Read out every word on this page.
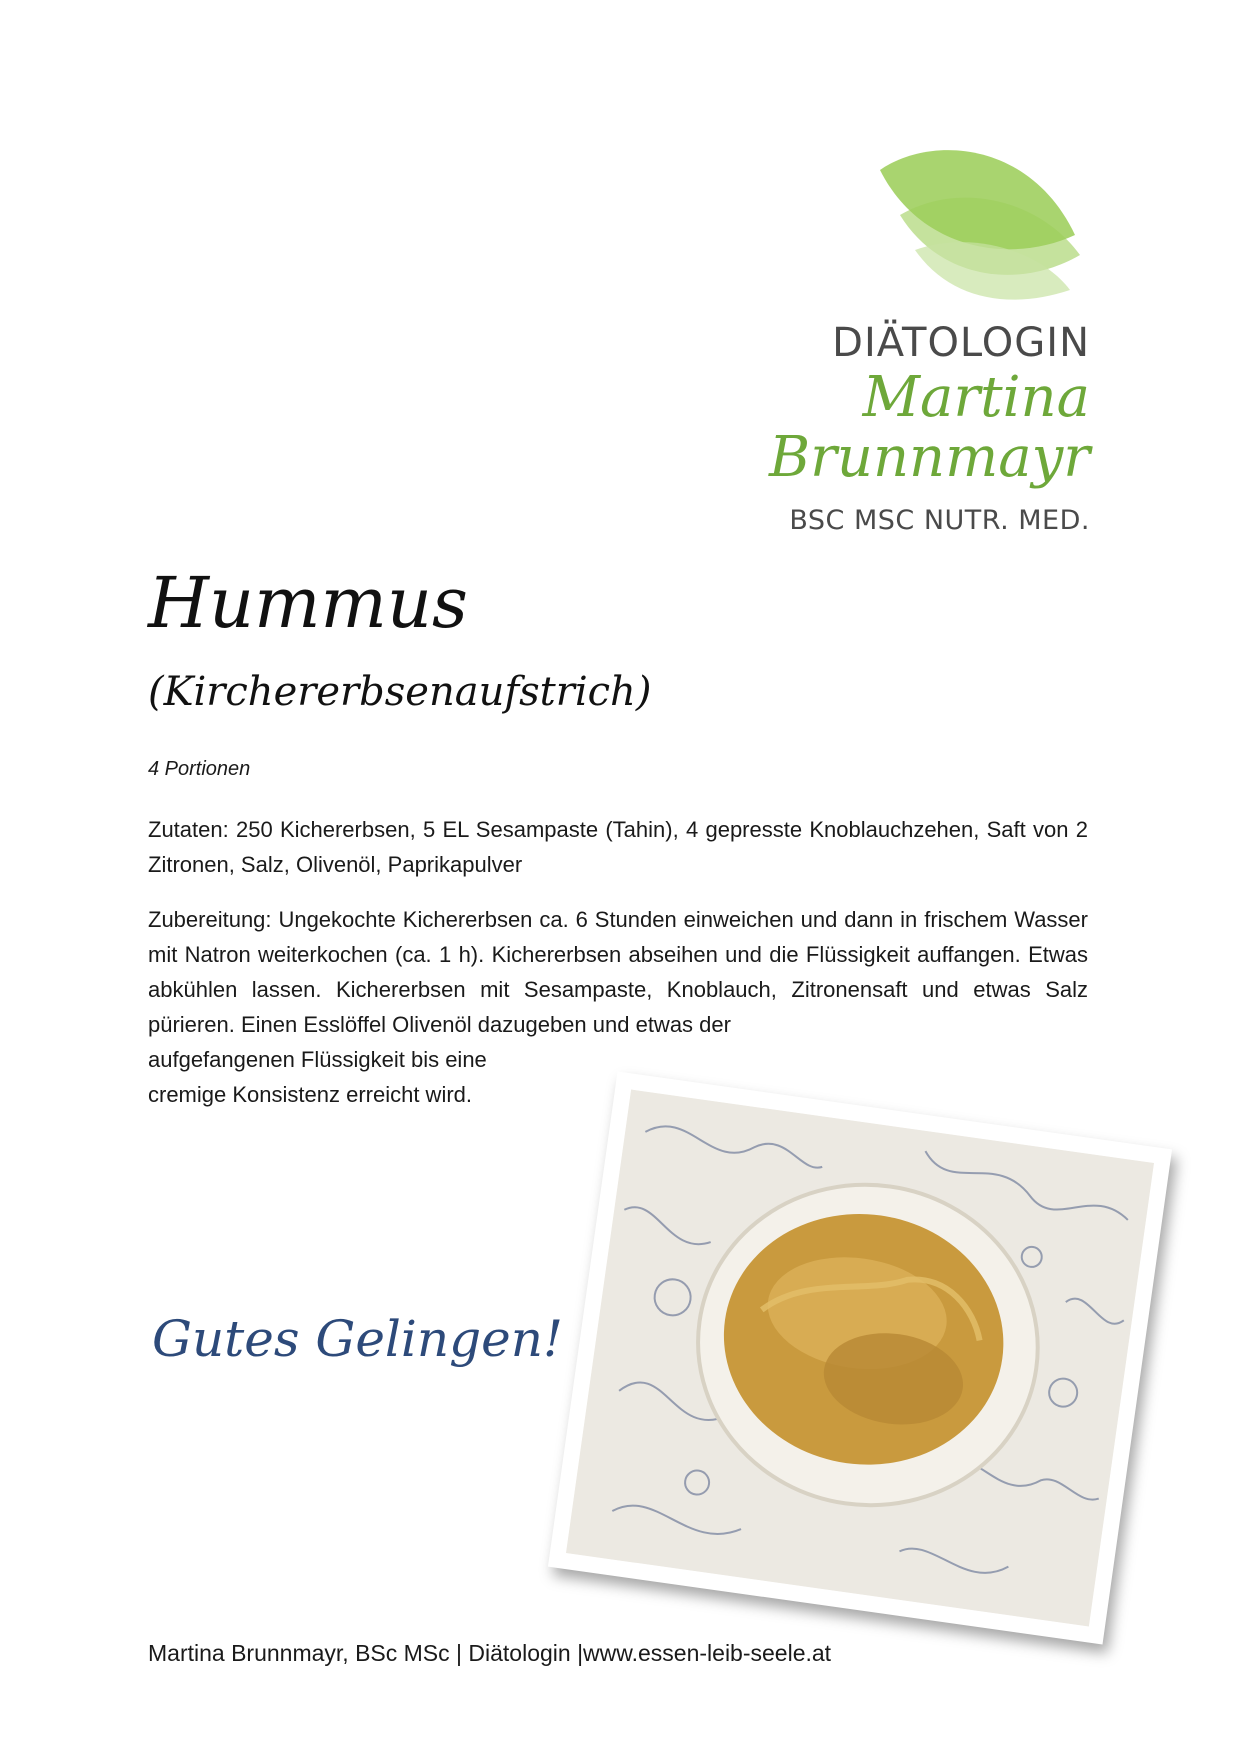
DIÄTOLOGIN
Martina
Brunnmayr
BSC MSC NUTR. MED.
Hummus
(Kirchererbsenaufstrich)
4 Portionen

Zutaten: 250 Kichererbsen, 5 EL Sesampaste (Tahin), 4 gepresste Knoblauchzehen, Saft von 2 Zitronen, Salz, Olivenöl, Paprikapulver

Zubereitung: Ungekochte Kichererbsen ca. 6 Stunden einweichen und dann in frischem Wasser mit Natron weiterkochen (ca. 1 h). Kichererbsen abseihen und die Flüssigkeit auffangen. Etwas abkühlen lassen. Kichererbsen mit Sesampaste, Knoblauch, Zitronensaft und etwas Salz pürieren. Einen Esslöffel Olivenöl dazugeben und etwas der
aufgefangenen Flüssigkeit bis eine
cremige Konsistenz erreicht wird.
Gutes Gelingen!
Martina Brunnmayr, BSc MSc | Diätologin |www.essen-leib-seele.at
